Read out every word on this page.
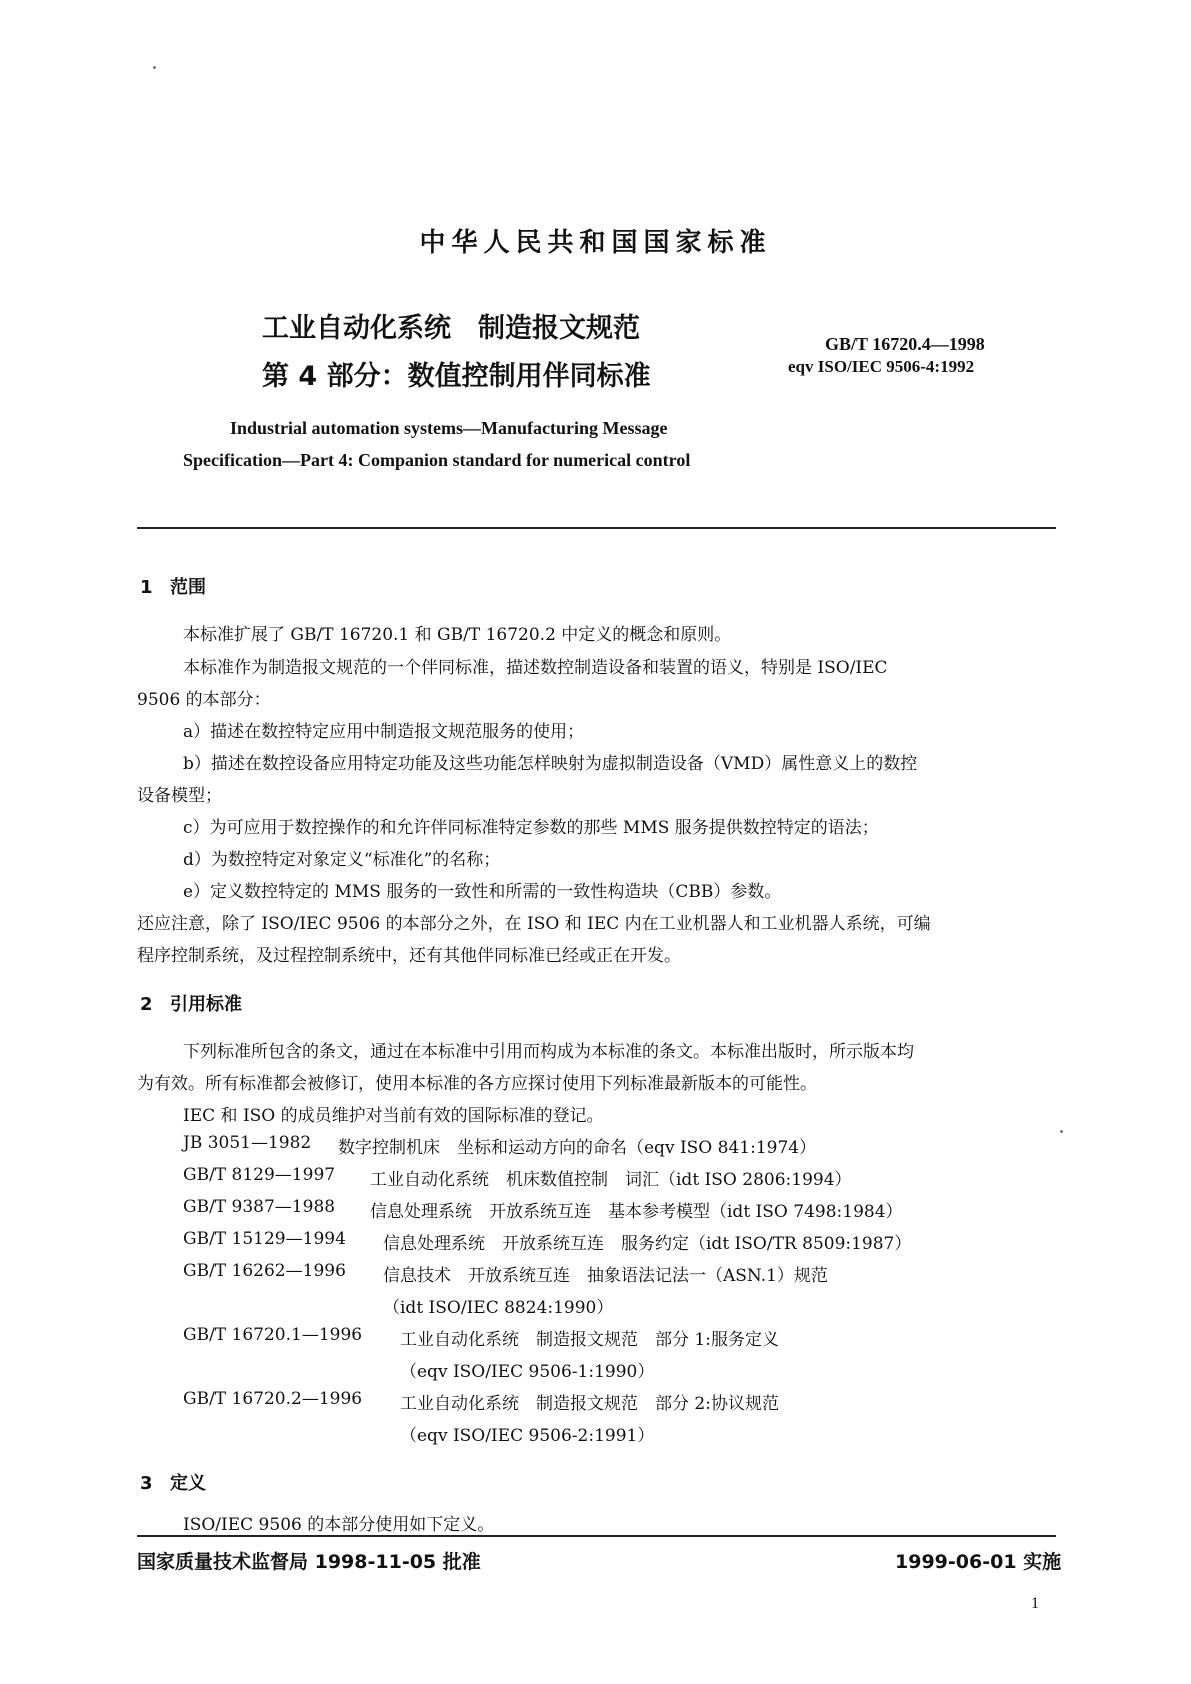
中华人民共和国国家标准
工业自动化系统　制造报文规范
第 4 部分：数值控制用伴同标准
GB/T 16720.4—1998
eqv ISO/IEC 9506-4:1992
Industrial automation systems—Manufacturing Message
Specification—Part 4: Companion standard for numerical control
1 范围
本标准扩展了 GB/T 16720.1 和 GB/T 16720.2 中定义的概念和原则。
本标准作为制造报文规范的一个伴同标准，描述数控制造设备和装置的语义，特别是 ISO/IEC
9506 的本部分：
a）描述在数控特定应用中制造报文规范服务的使用；
b）描述在数控设备应用特定功能及这些功能怎样映射为虚拟制造设备（VMD）属性意义上的数控
设备模型；
c）为可应用于数控操作的和允许伴同标准特定参数的那些 MMS 服务提供数控特定的语法；
d）为数控特定对象定义“标准化”的名称；
e）定义数控特定的 MMS 服务的一致性和所需的一致性构造块（CBB）参数。
还应注意，除了 ISO/IEC 9506 的本部分之外，在 ISO 和 IEC 内在工业机器人和工业机器人系统，可编
程序控制系统，及过程控制系统中，还有其他伴同标准已经或正在开发。
2 引用标准
下列标准所包含的条文，通过在本标准中引用而构成为本标准的条文。本标准出版时，所示版本均
为有效。所有标准都会被修订，使用本标准的各方应探讨使用下列标准最新版本的可能性。
IEC 和 ISO 的成员维护对当前有效的国际标准的登记。
JB 3051—1982 数字控制机床　坐标和运动方向的命名（eqv ISO 841:1974）
GB/T 8129—1997 工业自动化系统　机床数值控制　词汇（idt ISO 2806:1994）
GB/T 9387—1988 信息处理系统　开放系统互连　基本参考模型（idt ISO 7498:1984）
GB/T 15129—1994 信息处理系统　开放系统互连　服务约定（idt ISO/TR 8509:1987）
GB/T 16262—1996 信息技术　开放系统互连　抽象语法记法一（ASN.1）规范
（idt ISO/IEC 8824:1990）
GB/T 16720.1—1996 工业自动化系统　制造报文规范　部分 1:服务定义
（eqv ISO/IEC 9506-1:1990）
GB/T 16720.2—1996 工业自动化系统　制造报文规范　部分 2:协议规范
（eqv ISO/IEC 9506-2:1991）
3 定义
ISO/IEC 9506 的本部分使用如下定义。
国家质量技术监督局 1998-11-05 批准	1999-06-01 实施
1
